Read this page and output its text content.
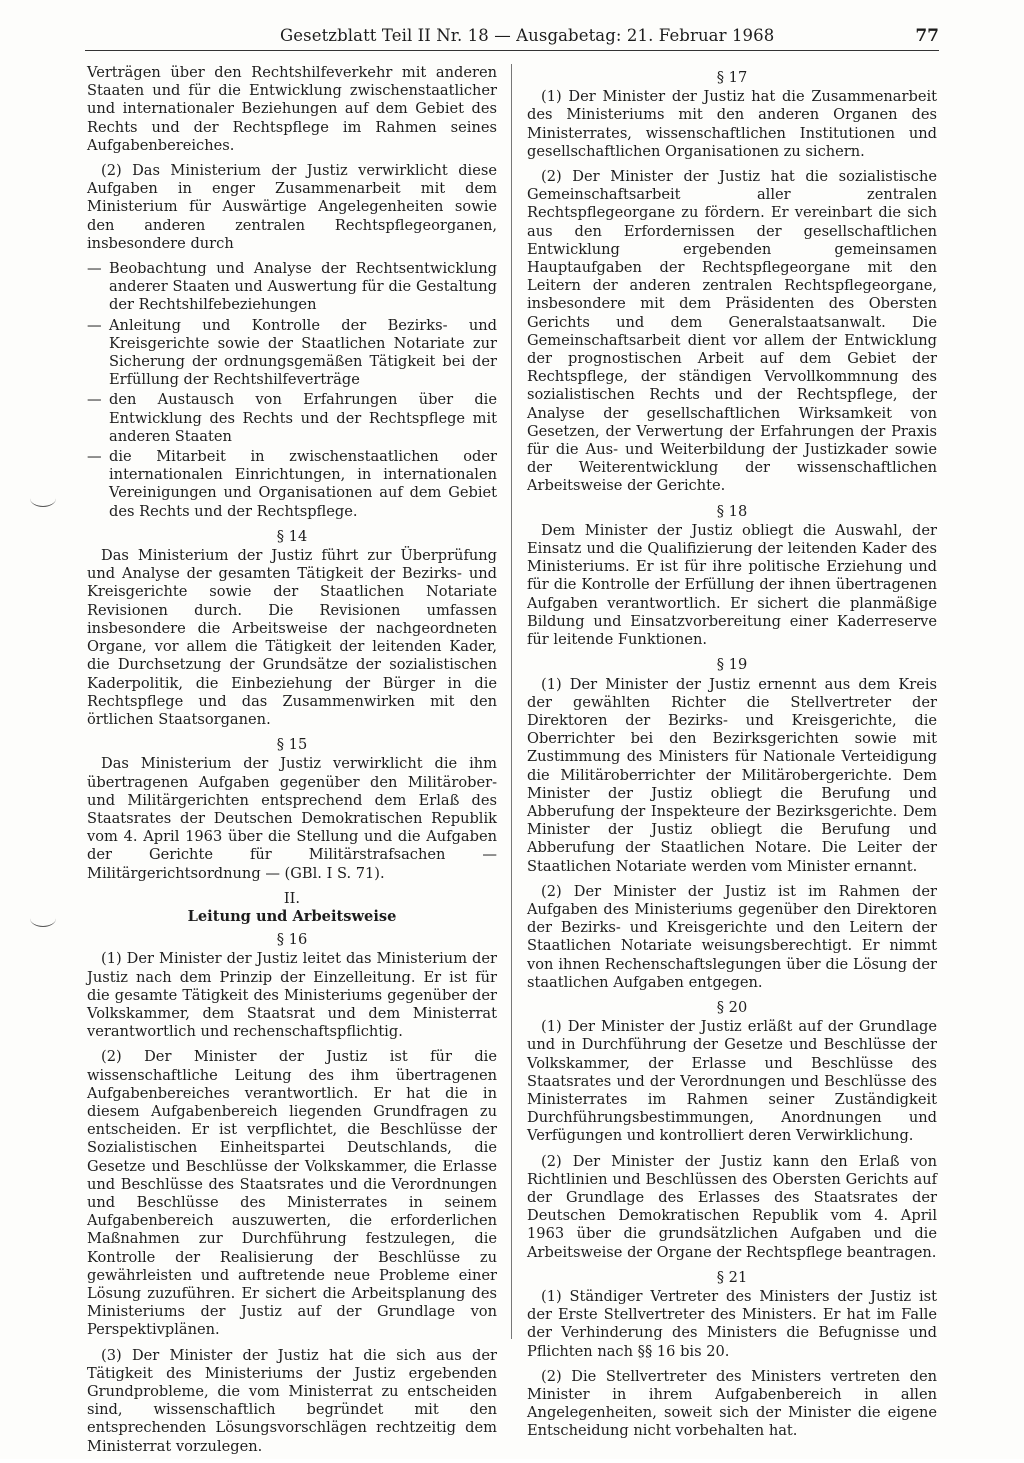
Gesetzblatt Teil II Nr. 18 — Ausgabetag: 21. Februar 1968	77

Verträgen über den Rechtshilfeverkehr mit anderen Staaten und für die Entwicklung zwischenstaatlicher und internationaler Beziehungen auf dem Gebiet des Rechts und der Rechtspflege im Rahmen seines Aufgabenbereiches.

(2) Das Ministerium der Justiz verwirklicht diese Aufgaben in enger Zusammenarbeit mit dem Ministerium für Auswärtige Angelegenheiten sowie den anderen zentralen Rechtspflegeorganen, insbesondere durch

— Beobachtung und Analyse der Rechtsentwicklung anderer Staaten und Auswertung für die Gestaltung der Rechtshilfebeziehungen
— Anleitung und Kontrolle der Bezirks- und Kreisgerichte sowie der Staatlichen Notariate zur Sicherung der ordnungsgemäßen Tätigkeit bei der Erfüllung der Rechtshilfeverträge
— den Austausch von Erfahrungen über die Entwicklung des Rechts und der Rechtspflege mit anderen Staaten
— die Mitarbeit in zwischenstaatlichen oder internationalen Einrichtungen, in internationalen Vereinigungen und Organisationen auf dem Gebiet des Rechts und der Rechtspflege.
§ 14

Das Ministerium der Justiz führt zur Überprüfung und Analyse der gesamten Tätigkeit der Bezirks- und Kreisgerichte sowie der Staatlichen Notariate Revisionen durch. Die Revisionen umfassen insbesondere die Arbeitsweise der nachgeordneten Organe, vor allem die Tätigkeit der leitenden Kader, die Durchsetzung der Grundsätze der sozialistischen Kaderpolitik, die Einbeziehung der Bürger in die Rechtspflege und das Zusammenwirken mit den örtlichen Staatsorganen.

§ 15

Das Ministerium der Justiz verwirklicht die ihm übertragenen Aufgaben gegenüber den Militärober- und Militärgerichten entsprechend dem Erlaß des Staatsrates der Deutschen Demokratischen Republik vom 4. April 1963 über die Stellung und die Aufgaben der Gerichte für Militärstrafsachen — Militärgerichtsordnung — (GBl. I S. 71).

II.
Leitung und Arbeitsweise
§ 16

(1) Der Minister der Justiz leitet das Ministerium der Justiz nach dem Prinzip der Einzelleitung. Er ist für die gesamte Tätigkeit des Ministeriums gegenüber der Volkskammer, dem Staatsrat und dem Ministerrat verantwortlich und rechenschaftspflichtig.

(2) Der Minister der Justiz ist für die wissenschaftliche Leitung des ihm übertragenen Aufgabenbereiches verantwortlich. Er hat die in diesem Aufgabenbereich liegenden Grundfragen zu entscheiden. Er ist verpflichtet, die Beschlüsse der Sozialistischen Einheitspartei Deutschlands, die Gesetze und Beschlüsse der Volkskammer, die Erlasse und Beschlüsse des Staatsrates und die Verordnungen und Beschlüsse des Ministerrates in seinem Aufgabenbereich auszuwerten, die erforderlichen Maßnahmen zur Durchführung festzulegen, die Kontrolle der Realisierung der Beschlüsse zu gewährleisten und auftretende neue Probleme einer Lösung zuzuführen. Er sichert die Arbeitsplanung des Ministeriums der Justiz auf der Grundlage von Perspektivplänen.

(3) Der Minister der Justiz hat die sich aus der Tätigkeit des Ministeriums der Justiz ergebenden Grundprobleme, die vom Ministerrat zu entscheiden sind, wissenschaftlich begründet mit den entsprechenden Lösungsvorschlägen rechtzeitig dem Ministerrat vorzulegen.

§ 17

(1) Der Minister der Justiz hat die Zusammenarbeit des Ministeriums mit den anderen Organen des Ministerrates, wissenschaftlichen Institutionen und gesellschaftlichen Organisationen zu sichern.

(2) Der Minister der Justiz hat die sozialistische Gemeinschaftsarbeit aller zentralen Rechtspflegeorgane zu fördern. Er vereinbart die sich aus den Erfordernissen der gesellschaftlichen Entwicklung ergebenden gemeinsamen Hauptaufgaben der Rechtspflegeorgane mit den Leitern der anderen zentralen Rechtspflegeorgane, insbesondere mit dem Präsidenten des Obersten Gerichts und dem Generalstaatsanwalt. Die Gemeinschaftsarbeit dient vor allem der Entwicklung der prognostischen Arbeit auf dem Gebiet der Rechtspflege, der ständigen Vervollkommnung des sozialistischen Rechts und der Rechtspflege, der Analyse der gesellschaftlichen Wirksamkeit von Gesetzen, der Verwertung der Erfahrungen der Praxis für die Aus- und Weiterbildung der Justizkader sowie der Weiterentwicklung der wissenschaftlichen Arbeitsweise der Gerichte.

§ 18

Dem Minister der Justiz obliegt die Auswahl, der Einsatz und die Qualifizierung der leitenden Kader des Ministeriums. Er ist für ihre politische Erziehung und für die Kontrolle der Erfüllung der ihnen übertragenen Aufgaben verantwortlich. Er sichert die planmäßige Bildung und Einsatzvorbereitung einer Kaderreserve für leitende Funktionen.

§ 19

(1) Der Minister der Justiz ernennt aus dem Kreis der gewählten Richter die Stellvertreter der Direktoren der Bezirks- und Kreisgerichte, die Oberrichter bei den Bezirksgerichten sowie mit Zustimmung des Ministers für Nationale Verteidigung die Militäroberrichter der Militärobergerichte. Dem Minister der Justiz obliegt die Berufung und Abberufung der Inspekteure der Bezirksgerichte. Dem Minister der Justiz obliegt die Berufung und Abberufung der Staatlichen Notare. Die Leiter der Staatlichen Notariate werden vom Minister ernannt.

(2) Der Minister der Justiz ist im Rahmen der Aufgaben des Ministeriums gegenüber den Direktoren der Bezirks- und Kreisgerichte und den Leitern der Staatlichen Notariate weisungsberechtigt. Er nimmt von ihnen Rechenschaftslegungen über die Lösung der staatlichen Aufgaben entgegen.

§ 20

(1) Der Minister der Justiz erläßt auf der Grundlage und in Durchführung der Gesetze und Beschlüsse der Volkskammer, der Erlasse und Beschlüsse des Staatsrates und der Verordnungen und Beschlüsse des Ministerrates im Rahmen seiner Zuständigkeit Durchführungsbestimmungen, Anordnungen und Verfügungen und kontrolliert deren Verwirklichung.

(2) Der Minister der Justiz kann den Erlaß von Richtlinien und Beschlüssen des Obersten Gerichts auf der Grundlage des Erlasses des Staatsrates der Deutschen Demokratischen Republik vom 4. April 1963 über die grundsätzlichen Aufgaben und die Arbeitsweise der Organe der Rechtspflege beantragen.

§ 21

(1) Ständiger Vertreter des Ministers der Justiz ist der Erste Stellvertreter des Ministers. Er hat im Falle der Verhinderung des Ministers die Befugnisse und Pflichten nach §§ 16 bis 20.

(2) Die Stellvertreter des Ministers vertreten den Minister in ihrem Aufgabenbereich in allen Angelegenheiten, soweit sich der Minister die eigene Entscheidung nicht vorbehalten hat.
